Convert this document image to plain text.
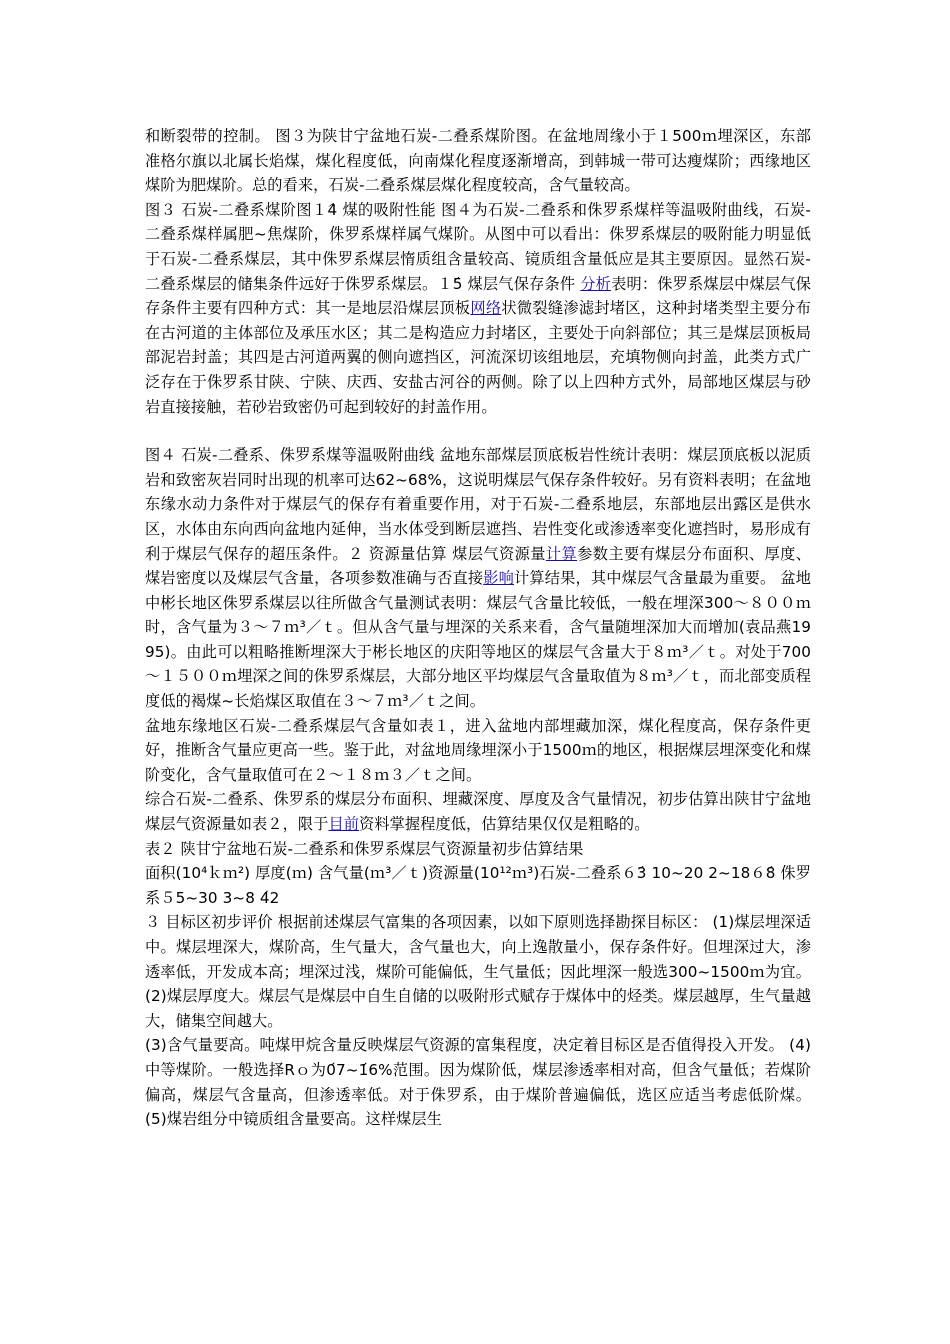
和断裂带的控制。 图３为陕甘宁盆地石炭-二叠系煤阶图。在盆地周缘小于１500ｍ埋深区，东部准格尔旗以北属长焰煤，煤化程度低，向南煤化程度逐渐增高，到韩城一带可达瘦煤阶；西缘地区煤阶为肥煤阶。总的看来，石炭-二叠系煤层煤化程度较高，含气量较高。

图３ 石炭-二叠系煤阶图１́4 煤的吸附性能 图４为石炭-二叠系和侏罗系煤样等温吸附曲线，石炭-二叠系煤样属肥~焦煤阶，侏罗系煤样属气煤阶。从图中可以看出：侏罗系煤层的吸附能力明显低于石炭-二叠系煤层，其中侏罗系煤层惰质组含量较高、镜质组含量低应是其主要原因。显然石炭-二叠系煤层的储集条件远好于侏罗系煤层。１́5 煤层气保存条件 分析表明：侏罗系煤层中煤层气保存条件主要有四种方式：其一是地层沿煤层顶板网络状微裂缝渗滤封堵区，这种封堵类型主要分布在古河道的主体部位及承压水区；其二是构造应力封堵区，主要处于向斜部位；其三是煤层顶板局部泥岩封盖；其四是古河道两翼的侧向遮挡区，河流深切该组地层，充填物侧向封盖，此类方式广泛存在于侏罗系甘陕、宁陕、庆西、安盐古河谷的两侧。除了以上四种方式外，局部地区煤层与砂岩直接接触，若砂岩致密仍可起到较好的封盖作用。

图４ 石炭-二叠系、侏罗系煤等温吸附曲线 盆地东部煤层顶底板岩性统计表明：煤层顶底板以泥质岩和致密灰岩同时出现的机率可达62~68%，这说明煤层气保存条件较好。另有资料表明；在盆地东缘水动力条件对于煤层气的保存有着重要作用，对于石炭-二叠系地层，东部地层出露区是供水区，水体由东向西向盆地内延伸，当水体受到断层遮挡、岩性变化或渗透率变化遮挡时，易形成有利于煤层气保存的超压条件。２ 资源量估算 煤层气资源量计算参数主要有煤层分布面积、厚度、煤岩密度以及煤层气含量，各项参数准确与否直接影响计算结果，其中煤层气含量最为重要。 盆地中彬长地区侏罗系煤层以往所做含气量测试表明：煤层气含量比较低，一般在埋深300～８００ｍ时，含气量为３～７ｍ³／ｔ。但从含气量与埋深的关系来看，含气量随埋深加大而增加(袁品燕1995)。由此可以粗略推断埋深大于彬长地区的庆阳等地区的煤层气含量大于８ｍ³／ｔ。对处于700～１５００ｍ埋深之间的侏罗系煤层，大部分地区平均煤层气含量取值为８ｍ³／ｔ，而北部变质程度低的褐煤~长焰煤区取值在３～７ｍ³／ｔ之间。

盆地东缘地区石炭-二叠系煤层气含量如表１，进入盆地内部埋藏加深，煤化程度高，保存条件更好，推断含气量应更高一些。鉴于此，对盆地周缘埋深小于1500ｍ的地区，根据煤层埋深变化和煤阶变化，含气量取值可在２～１８ｍ３／ｔ之间。

综合石炭-二叠系、侏罗系的煤层分布面积、埋藏深度、厚度及含气量情况，初步估算出陕甘宁盆地煤层气资源量如表２，限于目前资料掌握程度低，估算结果仅仅是粗略的。

表２ 陕甘宁盆地石炭-二叠系和侏罗系煤层气资源量初步估算结果

面积(10⁴ｋｍ²) 厚度(ｍ) 含气量(ｍ³／ｔ)资源量(10¹²ｍ³)石炭-二叠系６́3 10~20 2~18６́8 侏罗系５5~30 3~8 4́2

３ 目标区初步评价 根据前述煤层气富集的各项因素，以如下原则选择勘探目标区： (1)煤层埋深适中。煤层埋深大，煤阶高，生气量大，含气量也大，向上逸散量小，保存条件好。但埋深过大，渗透率低，开发成本高；埋深过浅，煤阶可能偏低，生气量低；因此埋深一般选300~1500ｍ为宜。 (2)煤层厚度大。煤层气是煤层中自生自储的以吸附形式赋存于煤体中的烃类。煤层越厚，生气量越大，储集空间越大。

(3)含气量要高。吨煤甲烷含量反映煤层气资源的富集程度，决定着目标区是否值得投入开发。 (4)中等煤阶。一般选择Rｏ为0́7~1́6%范围。因为煤阶低，煤层渗透率相对高，但含气量低；若煤阶偏高，煤层气含量高，但渗透率低。对于侏罗系，由于煤阶普遍偏低，选区应适当考虑低阶煤。 (5)煤岩组分中镜质组含量要高。这样煤层生
